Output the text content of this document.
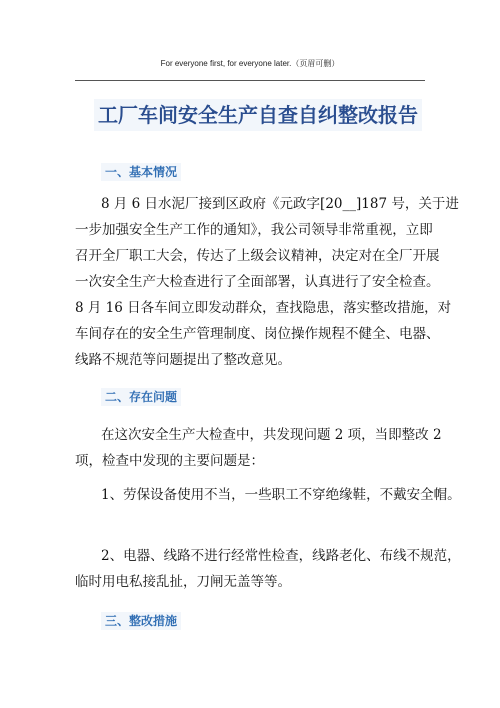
For everyone first, for everyone later.（页眉可删）
工厂车间安全生产自查自纠整改报告
一、基本情况
8 月 6 日水泥厂接到区政府《元政字[20__]187 号，关于进
一步加强安全生产工作的通知》，我公司领导非常重视，立即
召开全厂职工大会，传达了上级会议精神，决定对在全厂开展
一次安全生产大检查进行了全面部署，认真进行了安全检查。
8 月 16 日各车间立即发动群众，查找隐患，落实整改措施，对
车间存在的安全生产管理制度、岗位操作规程不健全、电器、
线路不规范等问题提出了整改意见。
二、存在问题
在这次安全生产大检查中，共发现问题 2 项，当即整改 2
项，检查中发现的主要问题是：
1、劳保设备使用不当，一些职工不穿绝缘鞋，不戴安全帽。
2、电器、线路不进行经常性检查，线路老化、布线不规范，
临时用电私接乱扯，刀闸无盖等等。
三、整改措施
